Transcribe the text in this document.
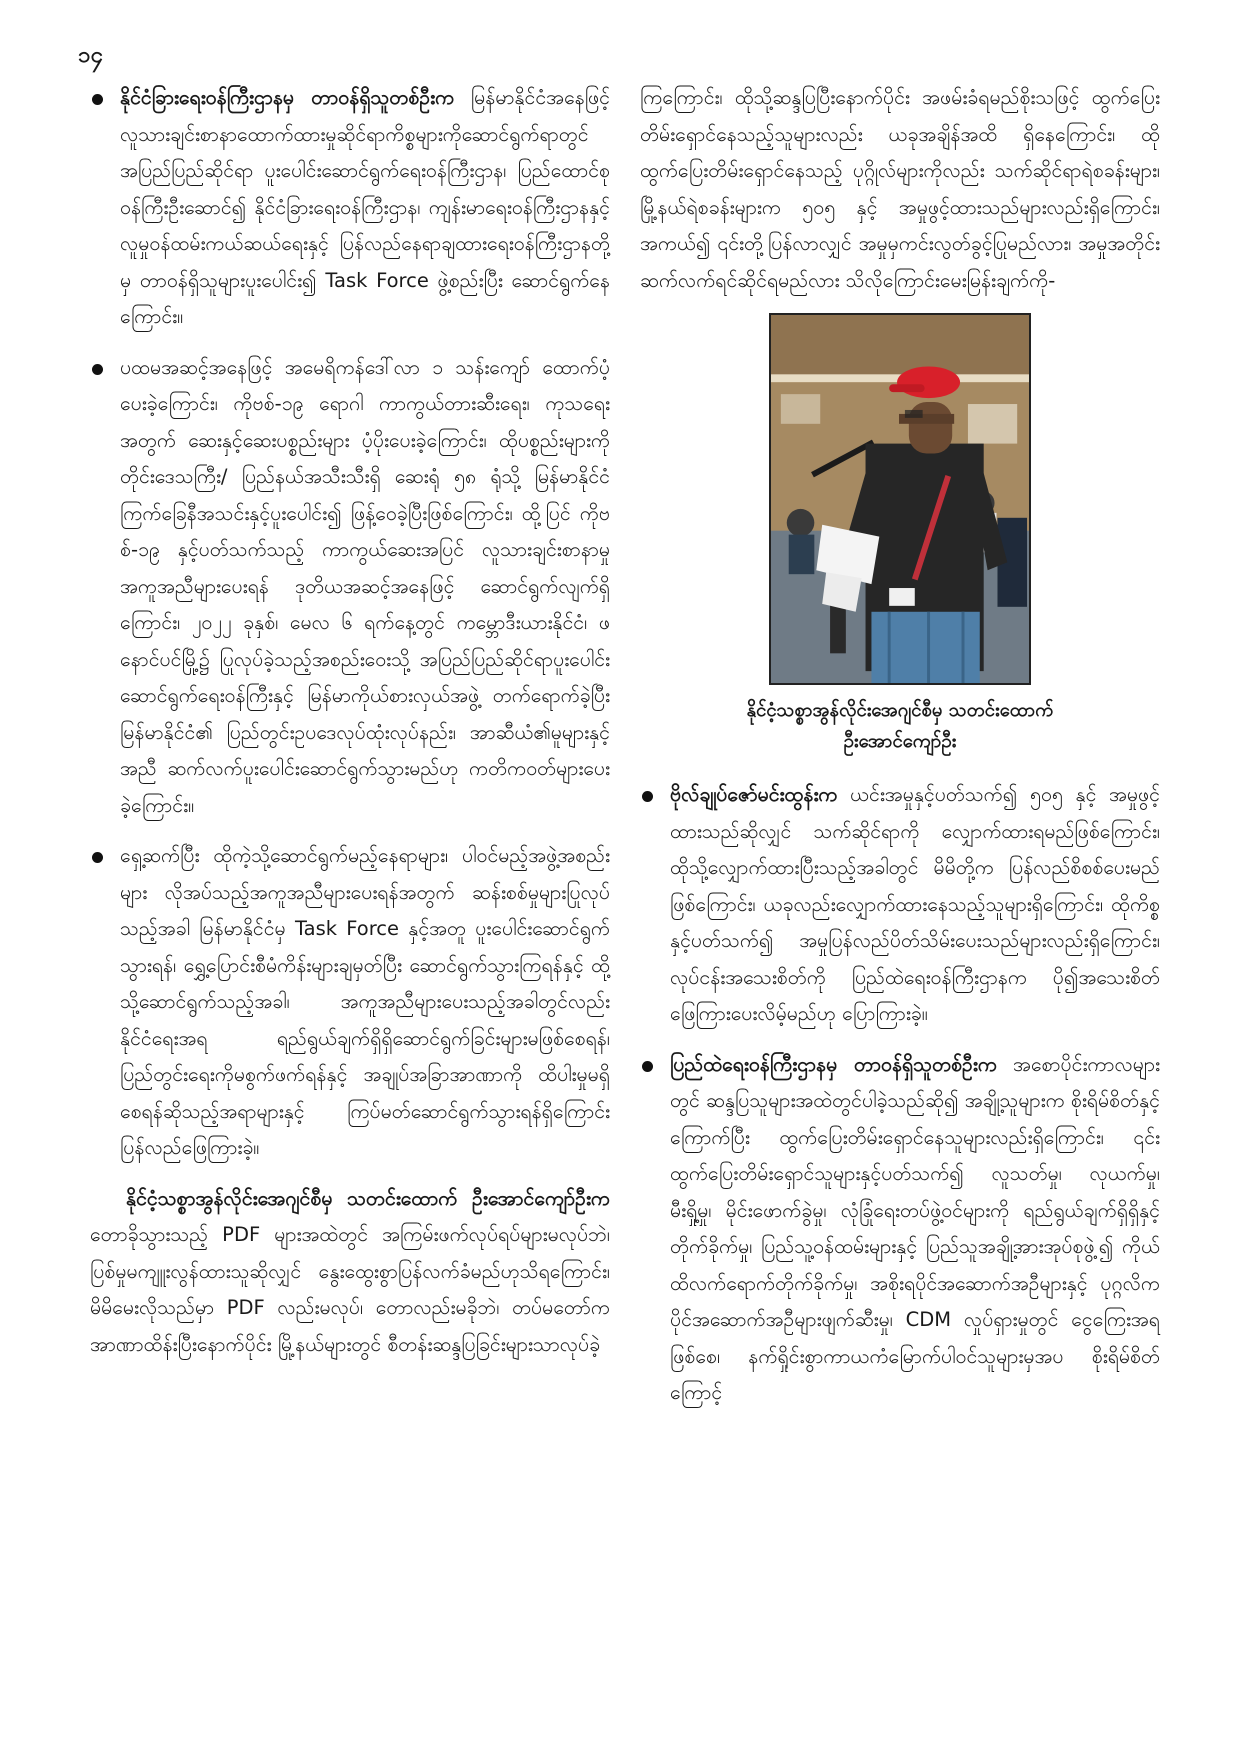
၁၄
နိုင်ငံခြားရေးဝန်ကြီးဌာနမှ တာဝန်ရှိသူတစ်ဦးက မြန်မာနိုင်ငံအနေဖြင့် လူသားချင်းစာနာထောက်ထားမှုဆိုင်ရာကိစ္စများကိုဆောင်ရွက်ရာတွင် အပြည်ပြည်ဆိုင်ရာ ပူးပေါင်းဆောင်ရွက်ရေးဝန်ကြီးဌာန၊ ပြည်ထောင်စုဝန်ကြီးဦးဆောင်၍ နိုင်ငံခြားရေးဝန်ကြီးဌာန၊ ကျန်းမာရေးဝန်ကြီးဌာနနှင့် လူမှုဝန်ထမ်းကယ်ဆယ်ရေးနှင့် ပြန်လည်နေရာချထားရေးဝန်ကြီးဌာနတို့မှ တာဝန်ရှိသူများပူးပေါင်း၍ Task Force ဖွဲ့စည်းပြီး ဆောင်ရွက်နေကြောင်း။
ပထမအဆင့်အနေဖြင့် အမေရိကန်ဒေါ်လာ ၁ သန်းကျော် ထောက်ပံ့ပေးခဲ့ကြောင်း၊ ကိုဗစ်-၁၉ ရောဂါ ကာကွယ်တားဆီးရေး၊ ကုသရေးအတွက် ဆေးနှင့်ဆေးပစ္စည်းများ ပံ့ပိုးပေးခဲ့ကြောင်း၊ ထိုပစ္စည်းများကို တိုင်းဒေသကြီး/ ပြည်နယ်အသီးသီးရှိ ဆေးရုံ ၅၈ ရုံသို့ မြန်မာနိုင်ငံ ကြက်ခြေနီအသင်းနှင့်ပူးပေါင်း၍ ဖြန့်ဝေခဲ့ပြီးဖြစ်ကြောင်း၊ ထို့ပြင် ကိုဗစ်-၁၉ နှင့်ပတ်သက်သည့် ကာကွယ်ဆေးအပြင် လူသားချင်းစာနာမှုအကူအညီများပေးရန် ဒုတိယအဆင့်အနေဖြင့် ဆောင်ရွက်လျက်ရှိကြောင်း၊ ၂၀၂၂ ခုနှစ်၊ မေလ ၆ ရက်နေ့တွင် ကမ္ဘောဒီးယားနိုင်ငံ၊ ဖနောင်ပင်မြို့၌ ပြုလုပ်ခဲ့သည့်အစည်းဝေးသို့ အပြည်ပြည်ဆိုင်ရာပူးပေါင်းဆောင်ရွက်ရေးဝန်ကြီးနှင့် မြန်မာကိုယ်စားလှယ်အဖွဲ့ တက်ရောက်ခဲ့ပြီး မြန်မာနိုင်ငံ၏ ပြည်တွင်းဥပဒေလုပ်ထုံးလုပ်နည်း၊ အာဆီယံ၏မူများနှင့်အညီ ဆက်လက်ပူးပေါင်းဆောင်ရွက်သွားမည်ဟု ကတိကဝတ်များပေးခဲ့ကြောင်း။
ရှေ့ဆက်ပြီး ထိုကဲ့သို့ဆောင်ရွက်မည့်နေရာများ၊ ပါဝင်မည့်အဖွဲ့အစည်းများ လိုအပ်သည့်အကူအညီများပေးရန်အတွက် ဆန်းစစ်မှုများပြုလုပ်သည့်အခါ မြန်မာနိုင်ငံမှ Task Force နှင့်အတူ ပူးပေါင်းဆောင်ရွက်သွားရန်၊ ရွှေ့ပြောင်းစီမံကိန်းများချမှတ်ပြီး ဆောင်ရွက်သွားကြရန်နှင့် ထို့သို့ဆောင်ရွက်သည့်အခါ၊ အကူအညီများပေးသည့်အခါတွင်လည်း နိုင်ငံရေးအရ ရည်ရွယ်ချက်ရှိရှိဆောင်ရွက်ခြင်းများမဖြစ်စေရန်၊ ပြည်တွင်းရေးကိုမစွက်ဖက်ရန်နှင့် အချုပ်အခြာအာဏာကို ထိပါးမှုမရှိစေရန်ဆိုသည့်အရာများနှင့် ကြပ်မတ်ဆောင်ရွက်သွားရန်ရှိကြောင်း ပြန်လည်ဖြေကြားခဲ့။

နိုင်ငံ့သစ္စာအွန်လိုင်းအေဂျင်စီမှ သတင်းထောက် ဦးအောင်ကျော်ဦးက တောခိုသွားသည့် PDF များအထဲတွင် အကြမ်းဖက်လုပ်ရပ်များမလုပ်ဘဲ၊ ပြစ်မှုမကျူးလွန်ထားသူဆိုလျှင် နွေးထွေးစွာပြန်လက်ခံမည်ဟုသိရကြောင်း၊ မိမိမေးလိုသည်မှာ PDF လည်းမလုပ်၊ တောလည်းမခိုဘဲ၊ တပ်မတော်က အာဏာထိန်းပြီးနောက်ပိုင်း မြို့နယ်များတွင် စီတန်းဆန္ဒပြခြင်းများသာလုပ်ခဲ့

ကြကြောင်း၊ ထိုသို့ဆန္ဒပြပြီးနောက်ပိုင်း အဖမ်းခံရမည်စိုးသဖြင့် ထွက်ပြေးတိမ်းရှောင်နေသည့်သူများလည်း ယခုအချိန်အထိ ရှိနေကြောင်း၊ ထိုထွက်ပြေးတိမ်းရှောင်နေသည့် ပုဂ္ဂိုလ်များကိုလည်း သက်ဆိုင်ရာရဲစခန်းများ၊ မြို့နယ်ရဲစခန်းများက ၅၀၅ နှင့် အမှုဖွင့်ထားသည်များလည်းရှိကြောင်း၊ အကယ်၍ ၎င်းတို့ပြန်လာလျှင် အမှုမှကင်းလွတ်ခွင့်ပြုမည်လား၊ အမှုအတိုင်းဆက်လက်ရင်ဆိုင်ရမည်လား သိလိုကြောင်းမေးမြန်းချက်ကို-

နိုင်ငံ့သစ္စာအွန်လိုင်းအေဂျင်စီမှ သတင်းထောက်
ဦးအောင်ကျော်ဦး
ဗိုလ်ချုပ်ဇော်မင်းထွန်းက ယင်းအမှုနှင့်ပတ်သက်၍ ၅၀၅ နှင့် အမှုဖွင့်ထားသည်ဆိုလျှင် သက်ဆိုင်ရာကို လျှောက်ထားရမည်ဖြစ်ကြောင်း၊ ထိုသို့လျှောက်ထားပြီးသည့်အခါတွင် မိမိတို့က ပြန်လည်စိစစ်ပေးမည်ဖြစ်ကြောင်း၊ ယခုလည်းလျှောက်ထားနေသည့်သူများရှိကြောင်း၊ ထိုကိစ္စနှင့်ပတ်သက်၍ အမှုပြန်လည်ပိတ်သိမ်းပေးသည်များလည်းရှိကြောင်း၊ လုပ်ငန်းအသေးစိတ်ကို ပြည်ထဲရေးဝန်ကြီးဌာနက ပို၍အသေးစိတ်ဖြေကြားပေးလိမ့်မည်ဟု ပြောကြားခဲ့။
ပြည်ထဲရေးဝန်ကြီးဌာနမှ တာဝန်ရှိသူတစ်ဦးက အစောပိုင်းကာလများတွင် ဆန္ဒပြသူများအထဲတွင်ပါခဲ့သည်ဆို၍ အချို့သူများက စိုးရိမ်စိတ်နှင့်ကြောက်ပြီး ထွက်ပြေးတိမ်းရှောင်နေသူများလည်းရှိကြောင်း၊ ၎င်းထွက်ပြေးတိမ်းရှောင်သူများနှင့်ပတ်သက်၍ လူသတ်မှု၊ လုယက်မှု၊ မီးရှို့မှု၊ မိုင်းဖောက်ခွဲမှု၊ လုံခြုံရေးတပ်ဖွဲ့ဝင်များကို ရည်ရွယ်ချက်ရှိရှိနှင့်တိုက်ခိုက်မှု၊ ပြည်သူ့ဝန်ထမ်းများနှင့် ပြည်သူအချို့အားအုပ်စုဖွဲ့၍ ကိုယ်ထိလက်ရောက်တိုက်ခိုက်မှု၊ အစိုးရပိုင်အဆောက်အဦများနှင့် ပုဂ္ဂလိကပိုင်အဆောက်အဦများဖျက်ဆီးမှု၊ CDM လှုပ်ရှားမှုတွင် ငွေကြေးအရဖြစ်စေ၊ နက်ရှိုင်းစွာကာယကံမြောက်ပါဝင်သူများမှအပ စိုးရိမ်စိတ်ကြောင့်
